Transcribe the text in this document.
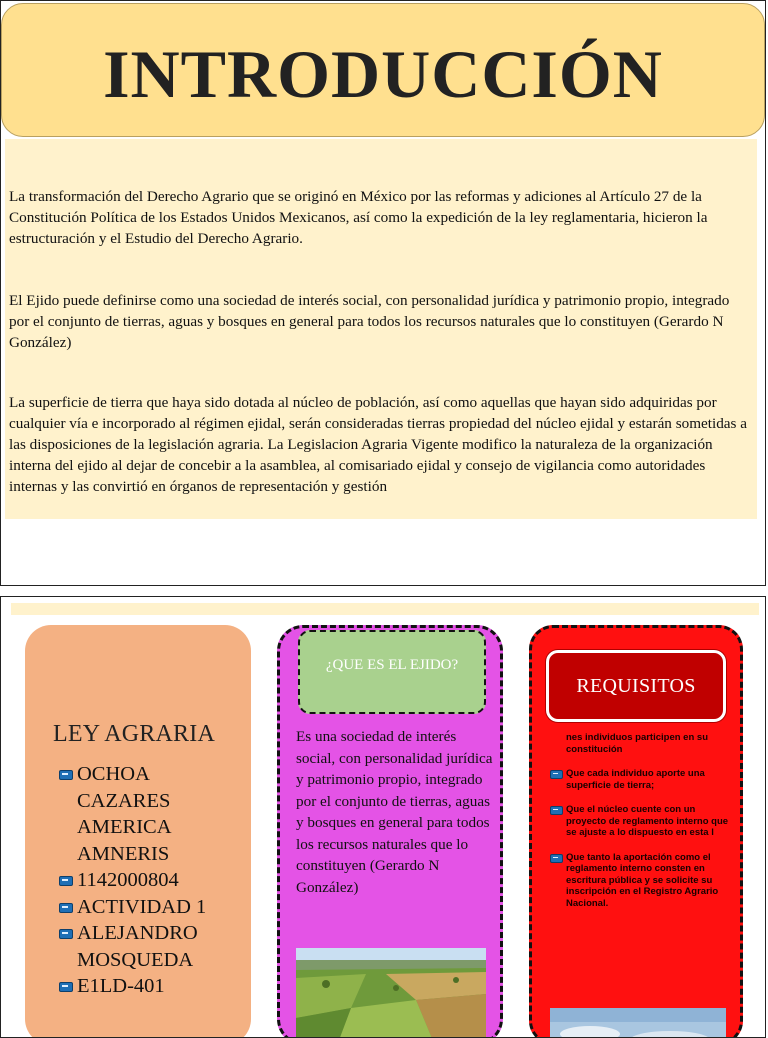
INTRODUCCIÓN

La transformación del Derecho Agrario que se originó en México por las reformas y adiciones al Artículo 27 de la Constitución Política de los Estados Unidos Mexicanos, así como la expedición de la ley reglamentaria, hicieron la estructuración y el Estudio del Derecho Agrario.

El Ejido puede definirse como una sociedad de interés social, con personalidad jurídica y patrimonio propio, integrado por el conjunto de tierras, aguas y bosques en general para todos los recursos naturales que lo constituyen (Gerardo N González)

La superficie de tierra que haya sido dotada al núcleo de población, así como aquellas que hayan sido adquiridas por cualquier vía e incorporado al régimen ejidal, serán consideradas tierras propiedad del núcleo ejidal y estarán sometidas a las disposiciones de la legislación agraria. La Legislacion Agraria Vigente modifico la naturaleza de la organización interna del ejido al dejar de concebir a la asamblea, al comisariado ejidal y consejo de vigilancia como autoridades internas y las convirtió en órganos de representación y gestión

LEY AGRARIA
OCHOA CAZARES AMERICA AMNERIS
1142000804
ACTIVIDAD 1
ALEJANDRO MOSQUEDA
E1LD-401
¿QUE ES EL EJIDO?

Es una sociedad de interés social, con personalidad jurídica y patrimonio propio, integrado por el conjunto de tierras, aguas y bosques en general para todos los recursos naturales que lo constituyen (Gerardo N González)

nes individuos participen en su constitución
Que cada individuo aporte una superficie de tierra;
Que el núcleo cuente con un proyecto de reglamento interno que se ajuste a lo dispuesto en esta l
Que tanto la aportación como el reglamento interno consten en escritura pública y se solicite su inscripción en el Registro Agrario Nacional.
REQUISITOS
